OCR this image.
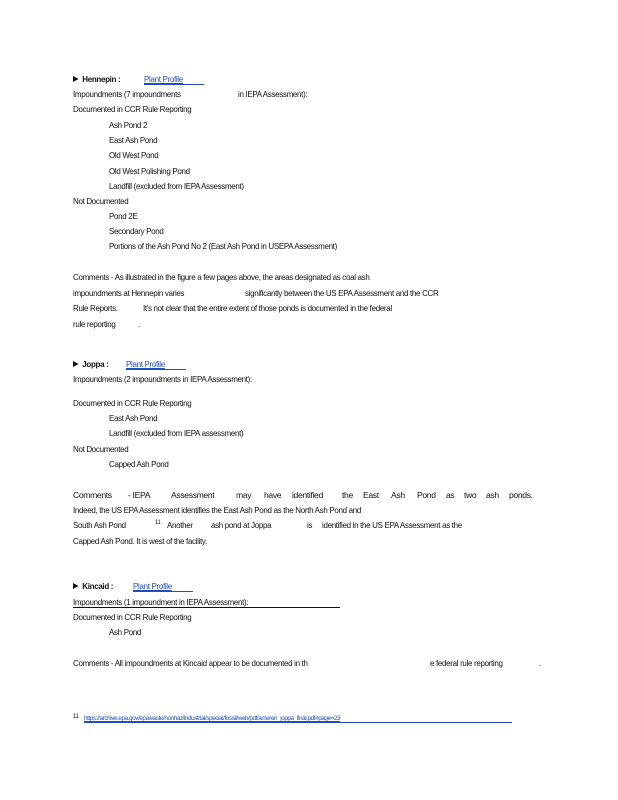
Hennepin :	Plant Profile
Impoundments (7 impoundments	in IEPA Assessment):
Documented in CCR Rule Reporting
Ash Pond 2
East Ash Pond
Old West Pond
Old West Polishing Pond
Landfill (excluded from IEPA Assessment)
Not Documented
Pond 2E
Secondary Pond
Portions of the Ash Pond No 2 (East Ash Pond in USEPA Assessment)
Comments - As illustrated in the figure a few pages above, the areas designated as coal ash
impoundments at Hennepin varies	significantly between the US EPA Assessment and the CCR
Rule Reports.	It's not clear that the entire extent of those ponds is documented in the federal
rule reporting	.
Joppa : Plant Profile
Impoundments (2 impoundments in IEPA Assessment):
Documented in CCR Rule Reporting
East Ash Pond
Landfill (excluded from IEPA assessment)
Not Documented
Capped Ash Pond
Comments - IEPA Assessment	may have identified the East Ash Pond as two ash ponds.
Indeed, the US EPA Assessment identifies the East Ash Pond as the North Ash Pond and
South Ash Pond	11 Another ash pond at Joppa	is identified in the US EPA Assessment as the
Capped Ash Pond. It is west of the facility.
Kincaid : Plant Profile
Impoundments (1 impoundment in IEPA Assessment):
Documented in CCR Rule Reporting
Ash Pond
Comments - All impoundments at Kincaid appear to be documented in th	e federal rule reporting	.
11 https://archive.epa.gov/epawaste/nonhaz/industrial/special/fossil/web/pdf/ameren_joppa_final.pdf#page=23
